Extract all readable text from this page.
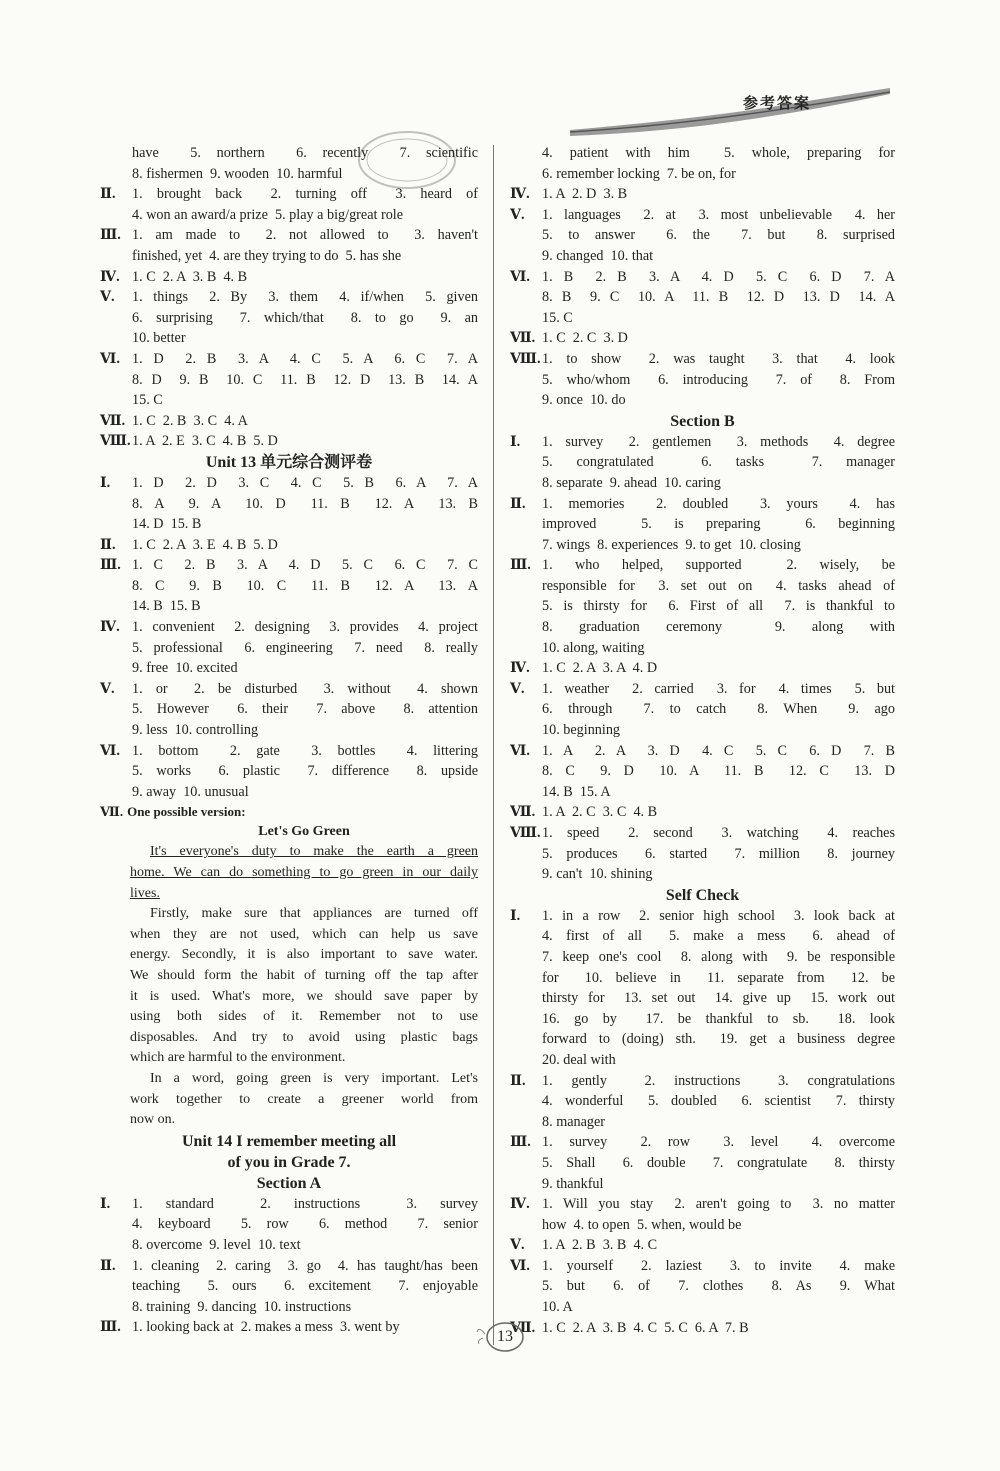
参考答案
have  5. northern  6. recently  7. scientific
8. fishermen  9. wooden  10. harmful
Ⅱ. 1. brought back  2. turning off  3. heard of
4. won an award/a prize  5. play a big/great role
Ⅲ. 1. am made to  2. not allowed to  3. haven't
finished, yet  4. are they trying to do  5. has she
Ⅳ. 1. C  2. A  3. B  4. B
Ⅴ. 1. things  2. By  3. them  4. if/when  5. given
6. surprising  7. which/that  8. to go  9. an
10. better
Ⅵ. 1. D  2. B  3. A  4. C  5. A  6. C  7. A
8. D  9. B  10. C  11. B  12. D  13. B  14. A
15. C
Ⅶ. 1. C  2. B  3. C  4. A
Ⅷ. 1. A  2. E  3. C  4. B  5. D
Unit 13 单元综合测评卷
Ⅰ. 1. D  2. D  3. C  4. C  5. B  6. A  7. A
8. A  9. A  10. D  11. B  12. A  13. B
14. D  15. B
Ⅱ. 1. C  2. A  3. E  4. B  5. D
Ⅲ. 1. C  2. B  3. A  4. D  5. C  6. C  7. C
8. C  9. B  10. C  11. B  12. A  13. A
14. B  15. B
Ⅳ. 1. convenient  2. designing  3. provides  4. project
5. professional  6. engineering  7. need  8. really
9. free  10. excited
Ⅴ. 1. or  2. be disturbed  3. without  4. shown
5. However  6. their  7. above  8. attention
9. less  10. controlling
Ⅵ. 1. bottom  2. gate  3. bottles  4. littering
5. works  6. plastic  7. difference  8. upside
9. away  10. unusual
Ⅶ. One possible version:
Let's Go Green
It's everyone's duty to make the earth a green
home. We can do something to go green in our daily
lives.
Firstly, make sure that appliances are turned off
when they are not used, which can help us save
energy. Secondly, it is also important to save water.
We should form the habit of turning off the tap after
it is used. What's more, we should save paper by
using both sides of it. Remember not to use
disposables. And try to avoid using plastic bags
which are harmful to the environment.
In a word, going green is very important. Let's
work together to create a greener world from
now on.
Unit 14 I remember meeting all
of you in Grade 7.
Section A
Ⅰ. 1. standard  2. instructions  3. survey
4. keyboard  5. row  6. method  7. senior
8. overcome  9. level  10. text
Ⅱ. 1. cleaning  2. caring  3. go  4. has taught/has been
teaching  5. ours  6. excitement  7. enjoyable
8. training  9. dancing  10. instructions
Ⅲ. 1. looking back at  2. makes a mess  3. went by
4. patient with him  5. whole, preparing for
6. remember locking  7. be on, for
Ⅳ. 1. A  2. D  3. B
Ⅴ. 1. languages  2. at  3. most unbelievable  4. her
5. to answer  6. the  7. but  8. surprised
9. changed  10. that
Ⅵ. 1. B  2. B  3. A  4. D  5. C  6. D  7. A
8. B  9. C  10. A  11. B  12. D  13. D  14. A
15. C
Ⅶ. 1. C  2. C  3. D
Ⅷ. 1. to show  2. was taught  3. that  4. look
5. who/whom  6. introducing  7. of  8. From
9. once  10. do
Section B
Ⅰ. 1. survey  2. gentlemen  3. methods  4. degree
5. congratulated  6. tasks  7. manager
8. separate  9. ahead  10. caring
Ⅱ. 1. memories  2. doubled  3. yours  4. has
improved  5. is preparing  6. beginning
7. wings  8. experiences  9. to get  10. closing
Ⅲ. 1. who helped, supported  2. wisely, be
responsible for  3. set out on  4. tasks ahead of
5. is thirsty for  6. First of all  7. is thankful to
8. graduation ceremony  9. along with
10. along, waiting
Ⅳ. 1. C  2. A  3. A  4. D
Ⅴ. 1. weather  2. carried  3. for  4. times  5. but
6. through  7. to catch  8. When  9. ago
10. beginning
Ⅵ. 1. A  2. A  3. D  4. C  5. C  6. D  7. B
8. C  9. D  10. A  11. B  12. C  13. D
14. B  15. A
Ⅶ. 1. A  2. C  3. C  4. B
Ⅷ. 1. speed  2. second  3. watching  4. reaches
5. produces  6. started  7. million  8. journey
9. can't  10. shining
Self Check
Ⅰ. 1. in a row  2. senior high school  3. look back at
4. first of all  5. make a mess  6. ahead of
7. keep one's cool  8. along with  9. be responsible
for  10. believe in  11. separate from  12. be
thirsty for  13. set out  14. give up  15. work out
16. go by  17. be thankful to sb.  18. look
forward to (doing) sth.  19. get a business degree
20. deal with
Ⅱ. 1. gently  2. instructions  3. congratulations
4. wonderful  5. doubled  6. scientist  7. thirsty
8. manager
Ⅲ. 1. survey  2. row  3. level  4. overcome
5. Shall  6. double  7. congratulate  8. thirsty
9. thankful
Ⅳ. 1. Will you stay  2. aren't going to  3. no matter
how  4. to open  5. when, would be
Ⅴ. 1. A  2. B  3. B  4. C
Ⅵ. 1. yourself  2. laziest  3. to invite  4. make
5. but  6. of  7. clothes  8. As  9. What
10. A
Ⅶ. 1. C  2. A  3. B  4. C  5. C  6. A  7. B
13
